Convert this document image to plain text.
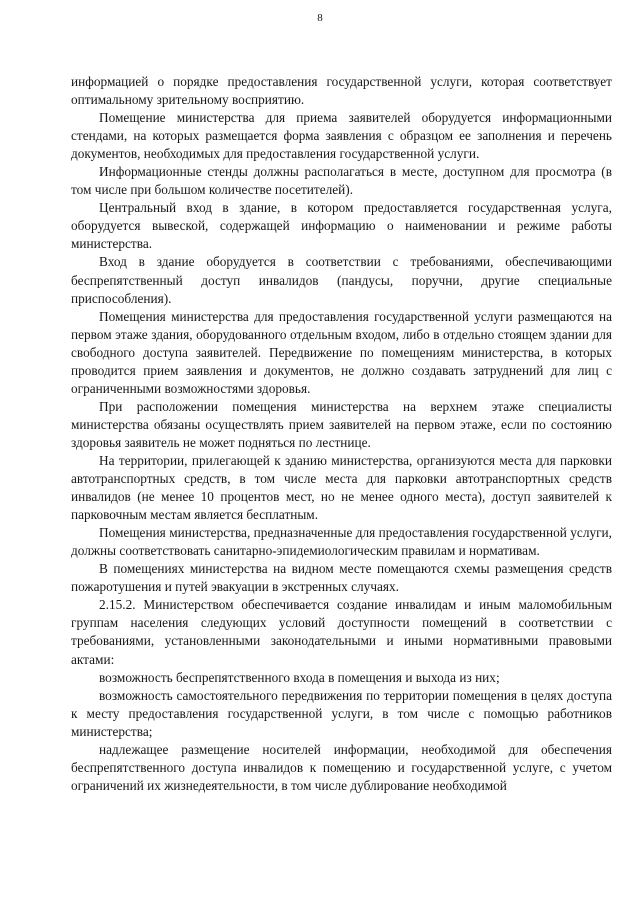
8

информацией о порядке предоставления государственной услуги, которая соответствует оптимальному зрительному восприятию.

Помещение министерства для приема заявителей оборудуется информационными стендами, на которых размещается форма заявления с образцом ее заполнения и перечень документов, необходимых для предоставления государственной услуги.

Информационные стенды должны располагаться в месте, доступном для просмотра (в том числе при большом количестве посетителей).

Центральный вход в здание, в котором предоставляется государственная услуга, оборудуется вывеской, содержащей информацию о наименовании и режиме работы министерства.

Вход в здание оборудуется в соответствии с требованиями, обеспечивающими беспрепятственный доступ инвалидов (пандусы, поручни, другие специальные приспособления).

Помещения министерства для предоставления государственной услуги размещаются на первом этаже здания, оборудованного отдельным входом, либо в отдельно стоящем здании для свободного доступа заявителей. Передвижение по помещениям министерства, в которых проводится прием заявления и документов, не должно создавать затруднений для лиц с ограниченными возможностями здоровья.

При расположении помещения министерства на верхнем этаже специалисты министерства обязаны осуществлять прием заявителей на первом этаже, если по состоянию здоровья заявитель не может подняться по лестнице.

На территории, прилегающей к зданию министерства, организуются места для парковки автотранспортных средств, в том числе места для парковки автотранспортных средств инвалидов (не менее 10 процентов мест, но не менее одного места), доступ заявителей к парковочным местам является бесплатным.

Помещения министерства, предназначенные для предоставления государственной услуги, должны соответствовать санитарно-эпидемиологическим правилам и нормативам.

В помещениях министерства на видном месте помещаются схемы размещения средств пожаротушения и путей эвакуации в экстренных случаях.

2.15.2. Министерством обеспечивается создание инвалидам и иным маломобильным группам населения следующих условий доступности помещений в соответствии с требованиями, установленными законодательными и иными нормативными правовыми актами:

возможность беспрепятственного входа в помещения и выхода из них;

возможность самостоятельного передвижения по территории помещения в целях доступа к месту предоставления государственной услуги, в том числе с помощью работников министерства;

надлежащее размещение носителей информации, необходимой для обеспечения беспрепятственного доступа инвалидов к помещению и государственной услуге, с учетом ограничений их жизнедеятельности, в том числе дублирование необходимой
